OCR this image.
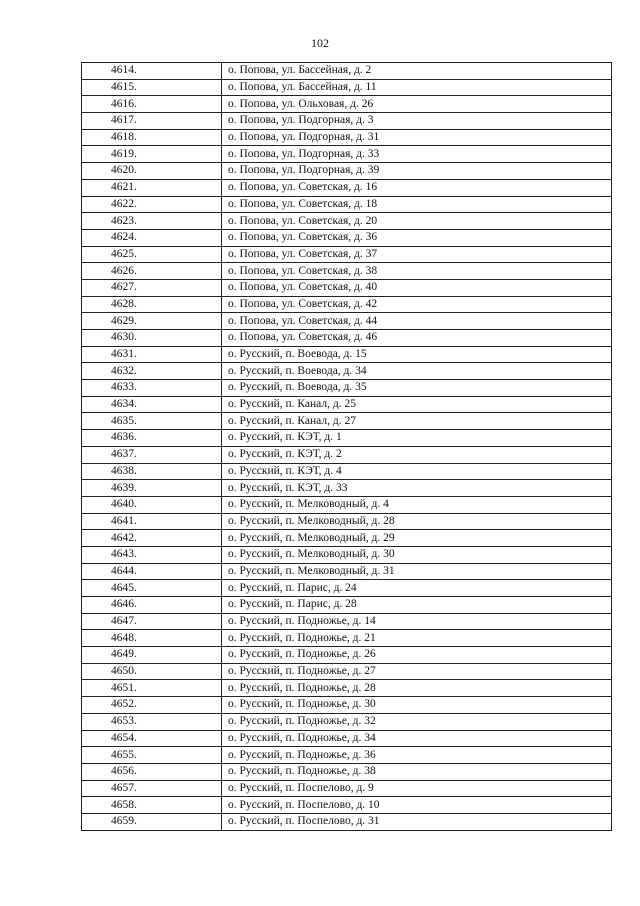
102
4614.	о. Попова, ул. Бассейная, д. 2
4615.	о. Попова, ул. Бассейная, д. 11
4616.	о. Попова, ул. Ольховая, д. 26
4617.	о. Попова, ул. Подгорная, д. 3
4618.	о. Попова, ул. Подгорная, д. 31
4619.	о. Попова, ул. Подгорная, д. 33
4620.	о. Попова, ул. Подгорная, д. 39
4621.	о. Попова, ул. Советская, д. 16
4622.	о. Попова, ул. Советская, д. 18
4623.	о. Попова, ул. Советская, д. 20
4624.	о. Попова, ул. Советская, д. 36
4625.	о. Попова, ул. Советская, д. 37
4626.	о. Попова, ул. Советская, д. 38
4627.	о. Попова, ул. Советская, д. 40
4628.	о. Попова, ул. Советская, д. 42
4629.	о. Попова, ул. Советская, д. 44
4630.	о. Попова, ул. Советская, д. 46
4631.	о. Русский, п. Воевода, д. 15
4632.	о. Русский, п. Воевода, д. 34
4633.	о. Русский, п. Воевода, д. 35
4634.	о. Русский, п. Канал, д. 25
4635.	о. Русский, п. Канал, д. 27
4636.	о. Русский, п. КЭТ, д. 1
4637.	о. Русский, п. КЭТ, д. 2
4638.	о. Русский, п. КЭТ, д. 4
4639.	о. Русский, п. КЭТ, д. 33
4640.	о. Русский, п. Мелководный, д. 4
4641.	о. Русский, п. Мелководный, д. 28
4642.	о. Русский, п. Мелководный, д. 29
4643.	о. Русский, п. Мелководный, д. 30
4644.	о. Русский, п. Мелководный, д. 31
4645.	о. Русский, п. Парис, д. 24
4646.	о. Русский, п. Парис, д. 28
4647.	о. Русский, п. Подножье, д. 14
4648.	о. Русский, п. Подножье, д. 21
4649.	о. Русский, п. Подножье, д. 26
4650.	о. Русский, п. Подножье, д. 27
4651.	о. Русский, п. Подножье, д. 28
4652.	о. Русский, п. Подножье, д. 30
4653.	о. Русский, п. Подножье, д. 32
4654.	о. Русский, п. Подножье, д. 34
4655.	о. Русский, п. Подножье, д. 36
4656.	о. Русский, п. Подножье, д. 38
4657.	о. Русский, п. Поспелово, д. 9
4658.	о. Русский, п. Поспелово, д. 10
4659.	о. Русский, п. Поспелово, д. 31
